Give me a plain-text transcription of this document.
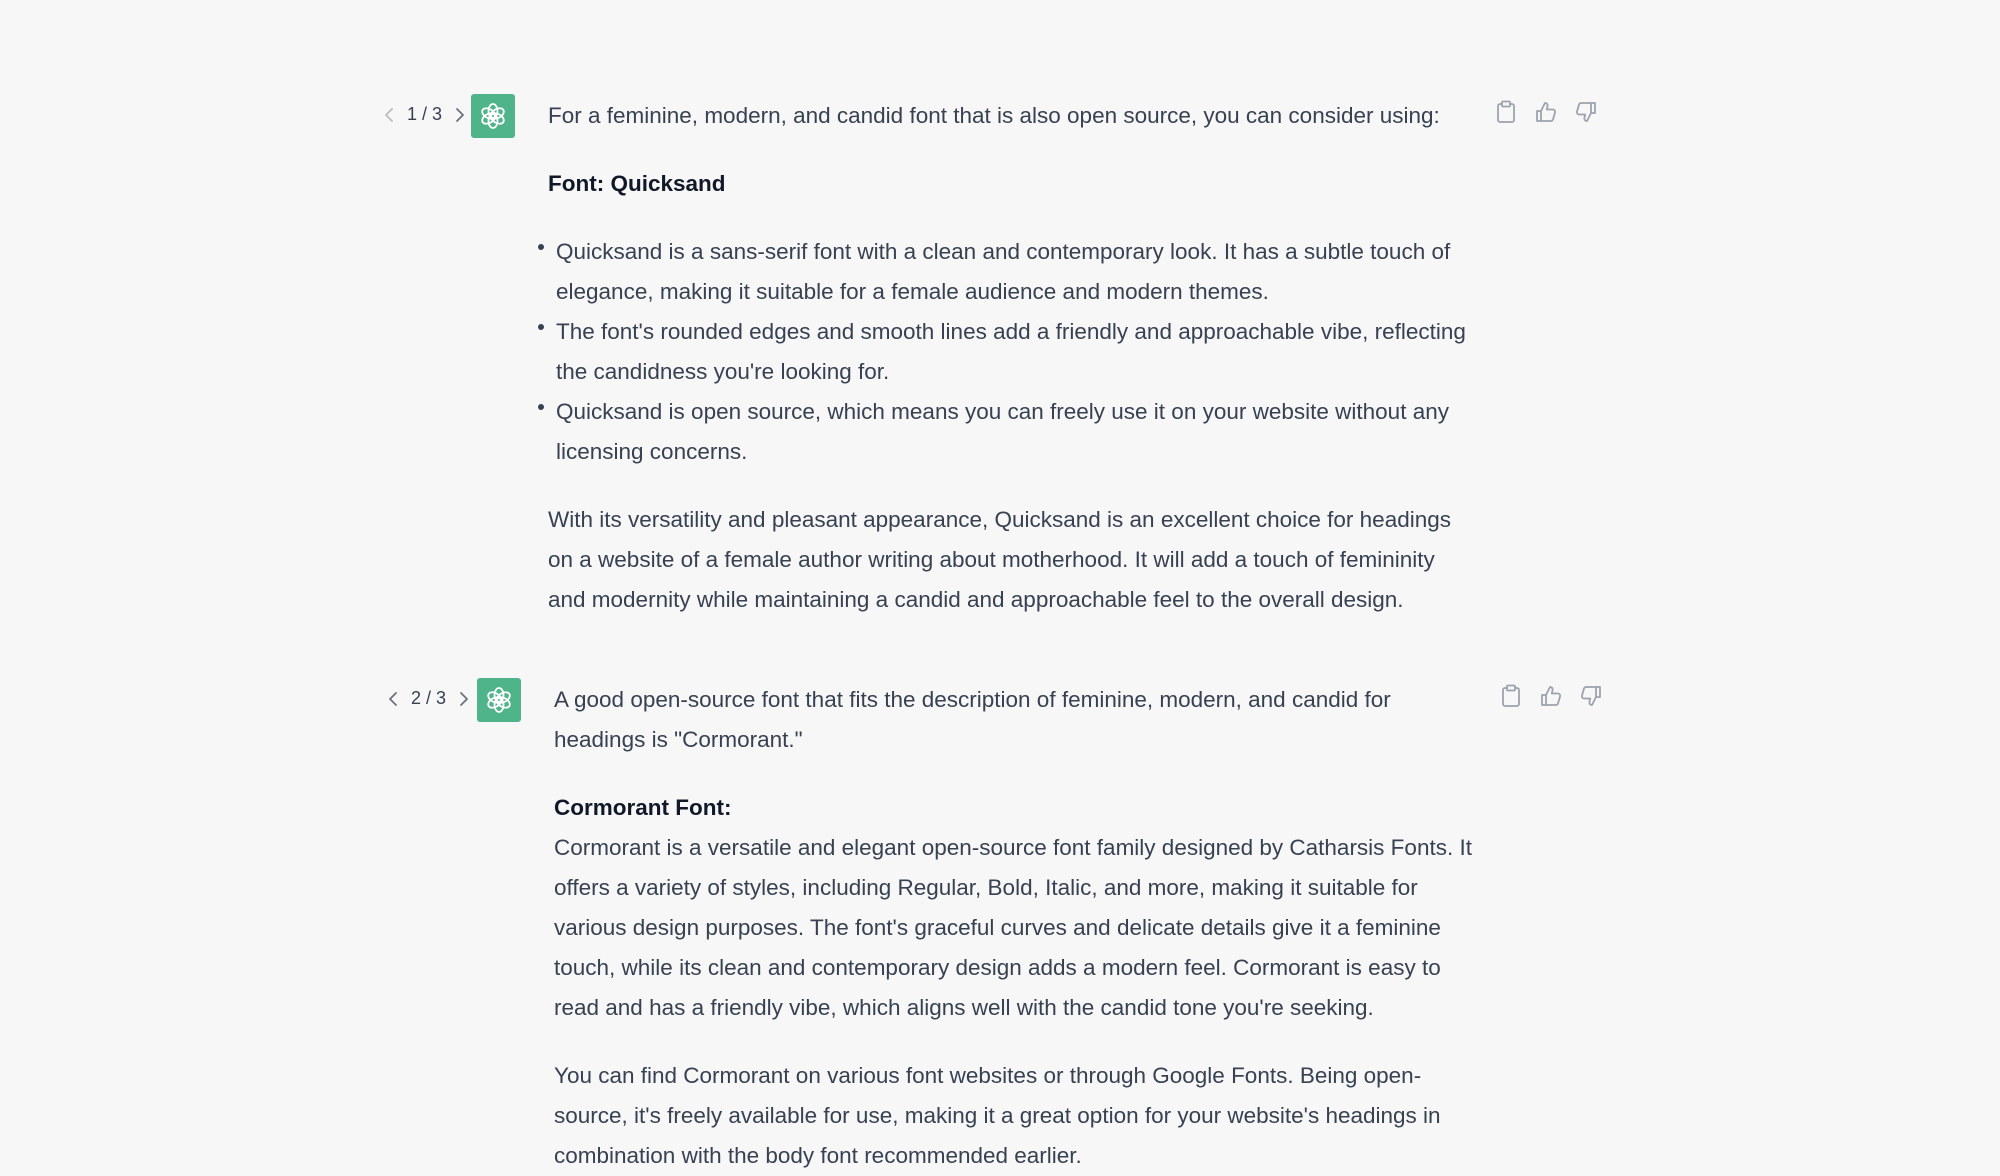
1 / 3	For a feminine, modern, and candid font that is also open source, you can consider using:

Font: Quicksand

Quicksand is a sans-serif font with a clean and contemporary look. It has a subtle touch of elegance, making it suitable for a female audience and modern themes.
The font's rounded edges and smooth lines add a friendly and approachable vibe, reflecting the candidness you're looking for.
Quicksand is open source, which means you can freely use it on your website without any licensing concerns.

With its versatility and pleasant appearance, Quicksand is an excellent choice for headings on a website of a female author writing about motherhood. It will add a touch of femininity and modernity while maintaining a candid and approachable feel to the overall design.

2 / 3	A good open-source font that fits the description of feminine, modern, and candid for headings is "Cormorant."

Cormorant Font:

Cormorant is a versatile and elegant open-source font family designed by Catharsis Fonts. It offers a variety of styles, including Regular, Bold, Italic, and more, making it suitable for various design purposes. The font's graceful curves and delicate details give it a feminine touch, while its clean and contemporary design adds a modern feel. Cormorant is easy to read and has a friendly vibe, which aligns well with the candid tone you're seeking.

You can find Cormorant on various font websites or through Google Fonts. Being open-source, it's freely available for use, making it a great option for your website's headings in combination with the body font recommended earlier.
